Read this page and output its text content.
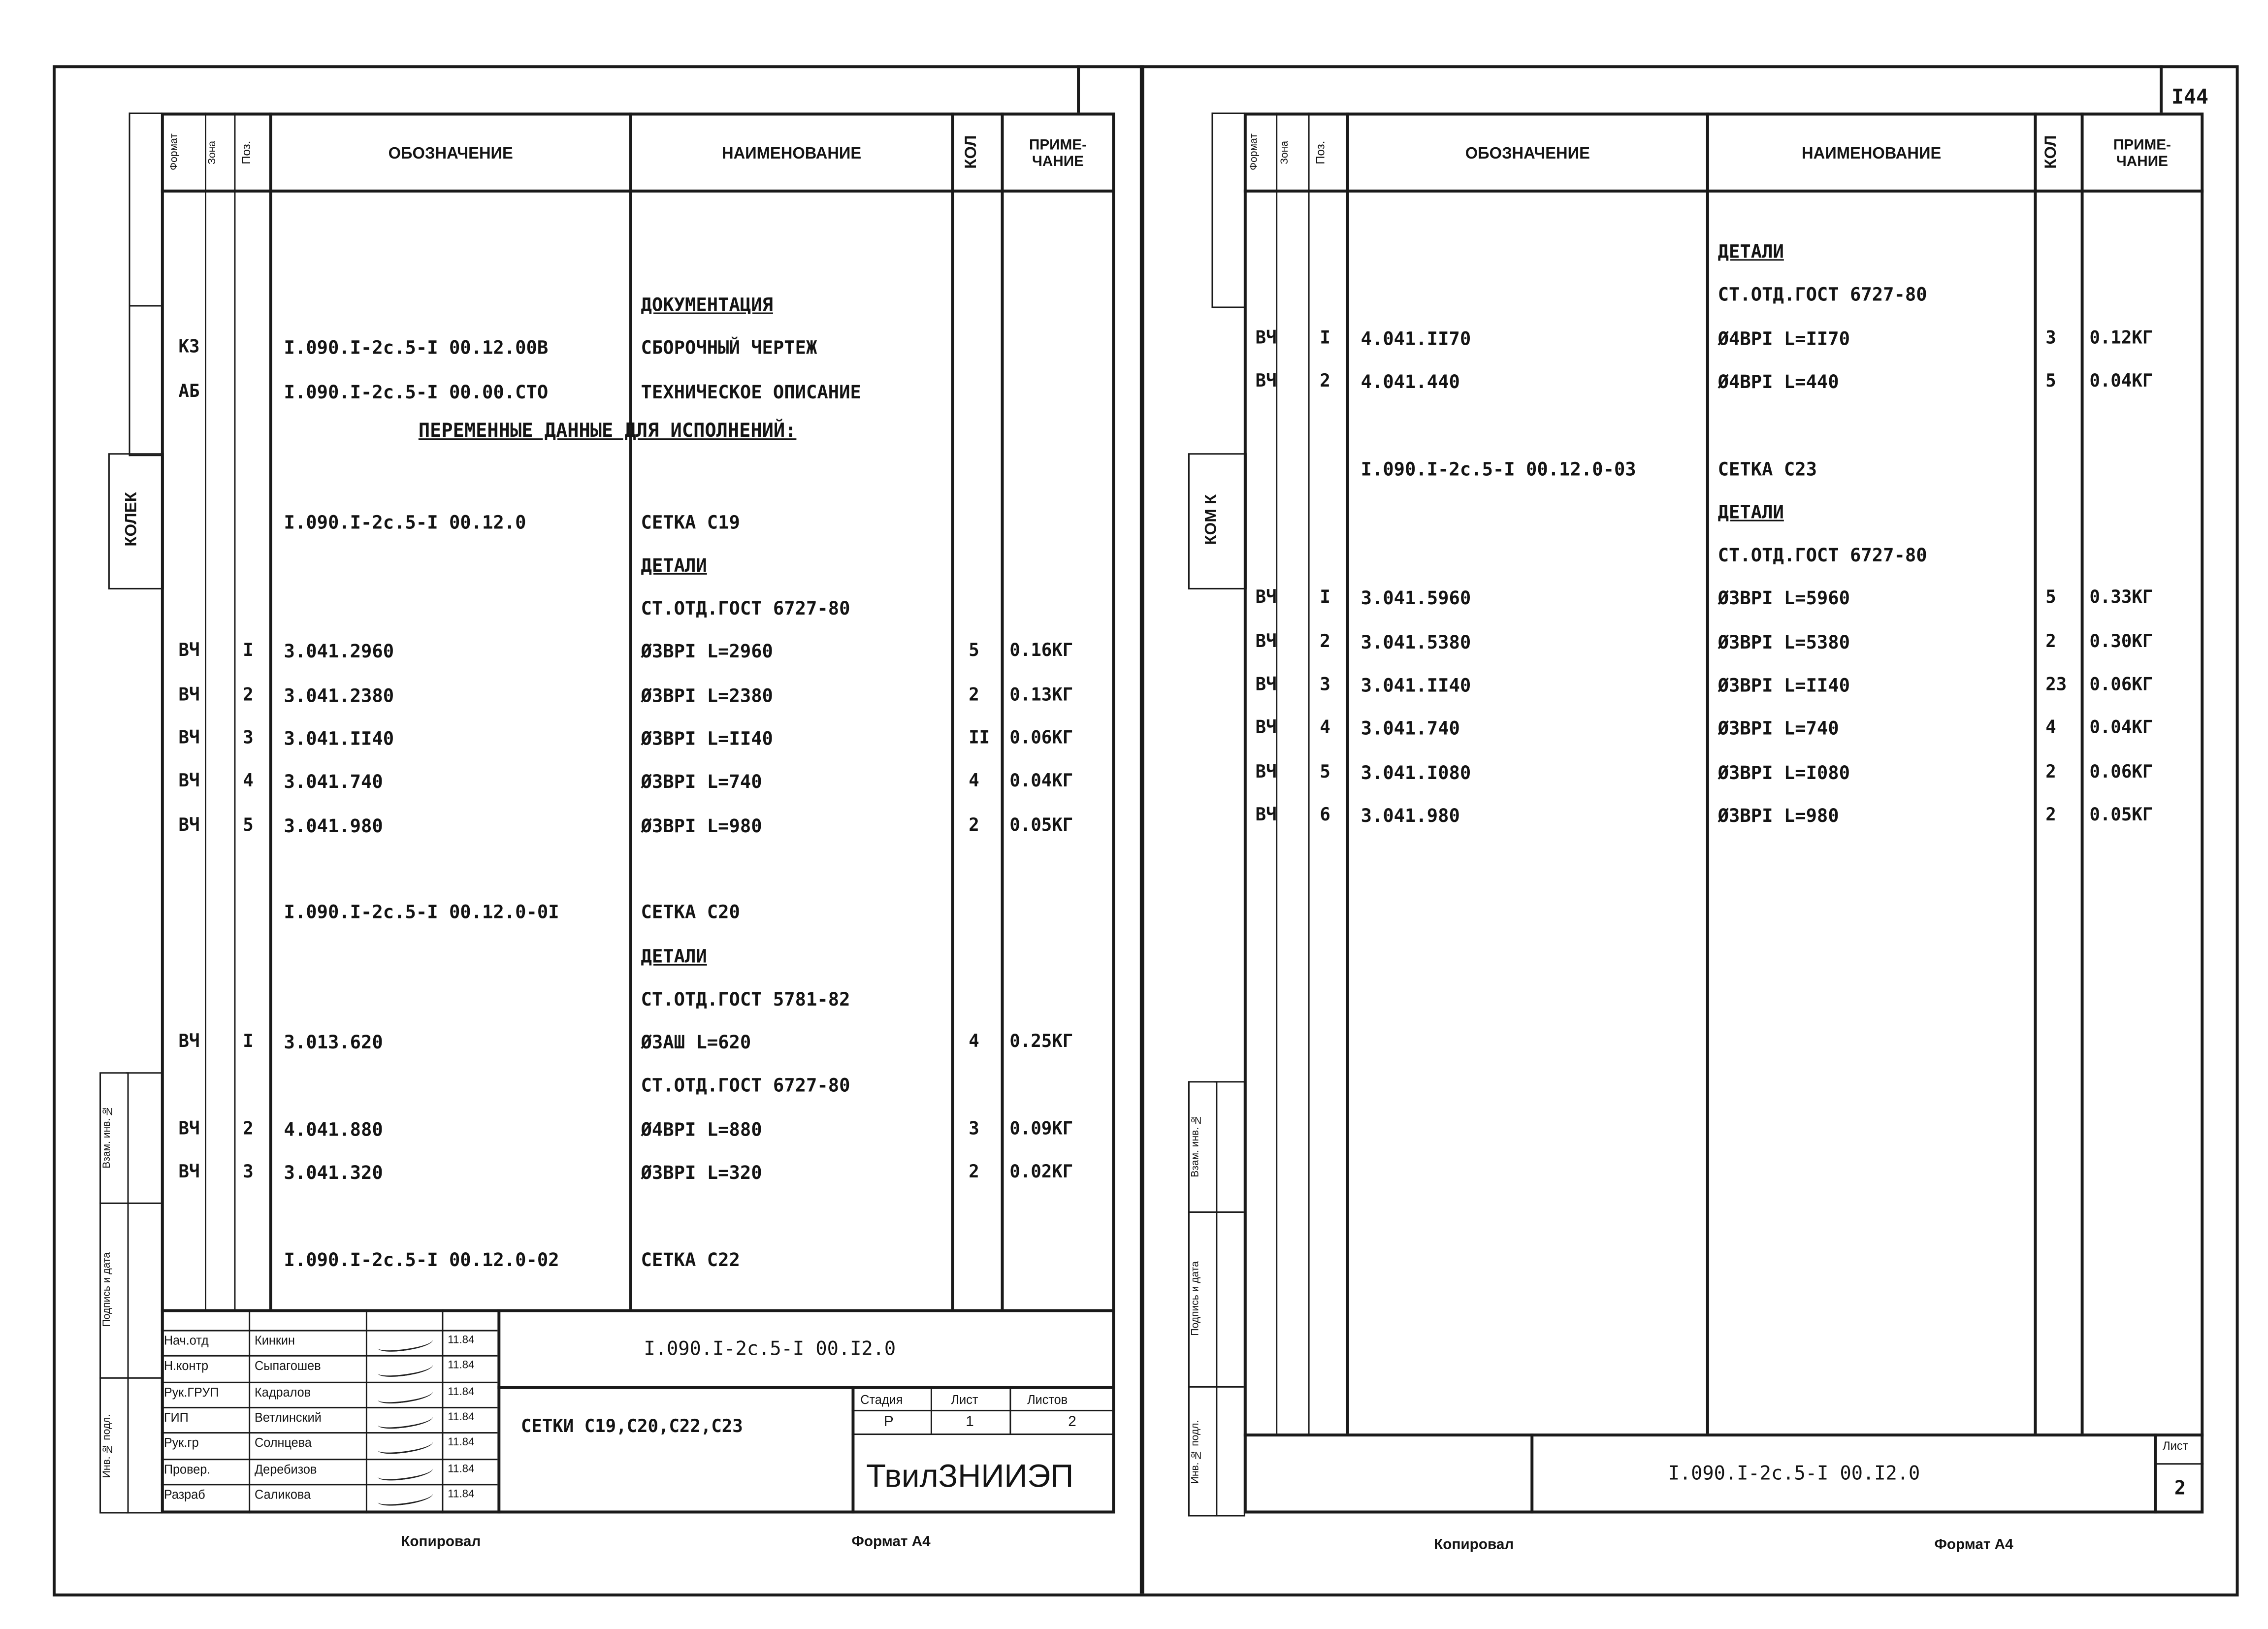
Формат	Зона	Поз.	ОБОЗНАЧЕНИЕ	НАИМЕНОВАНИЕ	КОЛ	ПРИМЕ-
ЧАНИЕ
ДОКУМЕНТАЦИЯ
КЗ	I.090.I-2с.5-I 00.12.00В	СБОРОЧНЫЙ ЧЕРТЕЖ
АБ	I.090.I-2с.5-I 00.00.СТО	ТЕХНИЧЕСКОЕ ОПИСАНИЕ
I.090.I-2с.5-I 00.12.0	СЕТКА С19
ДЕТАЛИ
СТ.ОТД.ГОСТ 6727-80
ВЧ	I	3.041.2960	Ø3ВРI L=2960	5	0.16КГ
ВЧ	2	3.041.2380	Ø3ВРI L=2380	2	0.13КГ
ВЧ	3	3.041.II40	Ø3ВРI L=II40	II	0.06КГ
ВЧ	4	3.041.740	Ø3ВРI L=740	4	0.04КГ
ВЧ	5	3.041.980	Ø3ВРI L=980	2	0.05КГ
I.090.I-2с.5-I 00.12.0-0I	СЕТКА С20
ДЕТАЛИ
СТ.ОТД.ГОСТ 5781-82
ВЧ	I	3.013.620	Ø3АШ L=620	4	0.25КГ
СТ.ОТД.ГОСТ 6727-80
ВЧ	2	4.041.880	Ø4ВРI L=880	3	0.09КГ
ВЧ	3	3.041.320	Ø3ВРI L=320	2	0.02КГ
I.090.I-2с.5-I 00.12.0-02	СЕТКА С22
ПЕРЕМЕННЫЕ ДАННЫЕ ДЛЯ ИСПОЛНЕНИЙ:
КОЛЕК
Инв. № подл.
Подпись и дата
Взам. инв. №
Нач.отд	Кинкин	11.84
Н.контр	Сыпагошев	11.84
Рук.ГРУП	Кадралов	11.84
ГИП	Ветлинский	11.84
Рук.гр	Солнцева	11.84
Провер.	Деребизов	11.84
Разраб	Саликова	11.84
I.090.I-2с.5-I 00.I2.0
СЕТКИ С19,С20,С22,С23
Стадия	Лист	Листов
Р	1	2
ТвилЗНИИЭП
Копировал	Формат А4
I44
Формат	Зона	Поз.	ОБОЗНАЧЕНИЕ	НАИМЕНОВАНИЕ	КОЛ	ПРИМЕ-
ЧАНИЕ
ДЕТАЛИ
СТ.ОТД.ГОСТ 6727-80
ВЧ	I	4.041.II70	Ø4ВРI L=II70	3	0.12КГ
ВЧ	2	4.041.440	Ø4ВРI L=440	5	0.04КГ
I.090.I-2с.5-I 00.12.0-03	СЕТКА С23
ДЕТАЛИ
СТ.ОТД.ГОСТ 6727-80
ВЧ	I	3.041.5960	Ø3ВРI L=5960	5	0.33КГ
ВЧ	2	3.041.5380	Ø3ВРI L=5380	2	0.30КГ
ВЧ	3	3.041.II40	Ø3ВРI L=II40	23	0.06КГ
ВЧ	4	3.041.740	Ø3ВРI L=740	4	0.04КГ
ВЧ	5	3.041.I080	Ø3ВРI L=I080	2	0.06КГ
ВЧ	6	3.041.980	Ø3ВРI L=980	2	0.05КГ
КОМ К
Инв. № подл.
Подпись и дата
Взам. инв. №
I.090.I-2с.5-I 00.I2.0
Лист
2
Копировал	Формат А4
